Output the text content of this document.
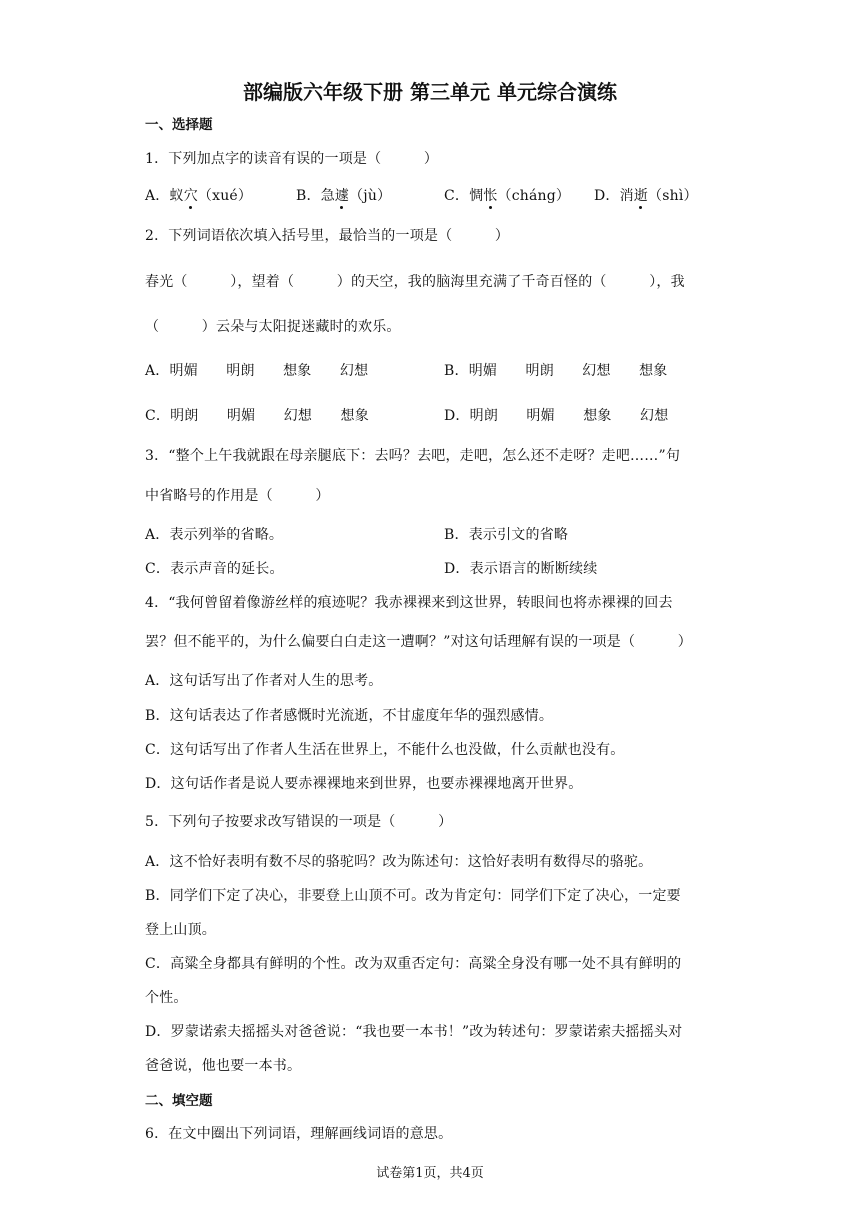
部编版六年级下册 第三单元 单元综合演练
一、选择题
1．下列加点字的读音有误的一项是（　　　）
A．蚁穴（xué）	B．急遽（jù）	C．惆怅（cháng） D．消逝（shì）
2．下列词语依次填入括号里，最恰当的一项是（　　　）
春光（　　　），望着（　　　）的天空，我的脑海里充满了千奇百怪的（　　　），我
（　　　）云朵与太阳捉迷藏时的欢乐。
A．明媚　　明朗　　想象　　幻想	B．明媚　　明朗　　幻想　　想象
C．明朗　　明媚　　幻想　　想象	D．明朗　　明媚　　想象　　幻想
3．“整个上午我就跟在母亲腿底下：去吗？去吧，走吧，怎么还不走呀？走吧……”句
中省略号的作用是（　　　）
A．表示列举的省略。	B．表示引文的省略
C．表示声音的延长。	D．表示语言的断断续续
4．“我何曾留着像游丝样的痕迹呢？我赤裸裸来到这世界，转眼间也将赤裸裸的回去
罢？但不能平的，为什么偏要白白走这一遭啊？”对这句话理解有误的一项是（　　　）
A．这句话写出了作者对人生的思考。
B．这句话表达了作者感慨时光流逝，不甘虚度年华的强烈感情。
C．这句话写出了作者人生活在世界上，不能什么也没做，什么贡献也没有。
D．这句话作者是说人要赤裸裸地来到世界，也要赤裸裸地离开世界。
5．下列句子按要求改写错误的一项是（　　　）
A．这不恰好表明有数不尽的骆驼吗？改为陈述句：这恰好表明有数得尽的骆驼。
B．同学们下定了决心，非要登上山顶不可。改为肯定句：同学们下定了决心，一定要
登上山顶。
C．高粱全身都具有鲜明的个性。改为双重否定句：高粱全身没有哪一处不具有鲜明的
个性。
D．罗蒙诺索夫摇摇头对爸爸说：“我也要一本书！”改为转述句：罗蒙诺索夫摇摇头对
爸爸说，他也要一本书。
二、填空题
6．在文中圈出下列词语，理解画线词语的意思。
试卷第1页，共4页
